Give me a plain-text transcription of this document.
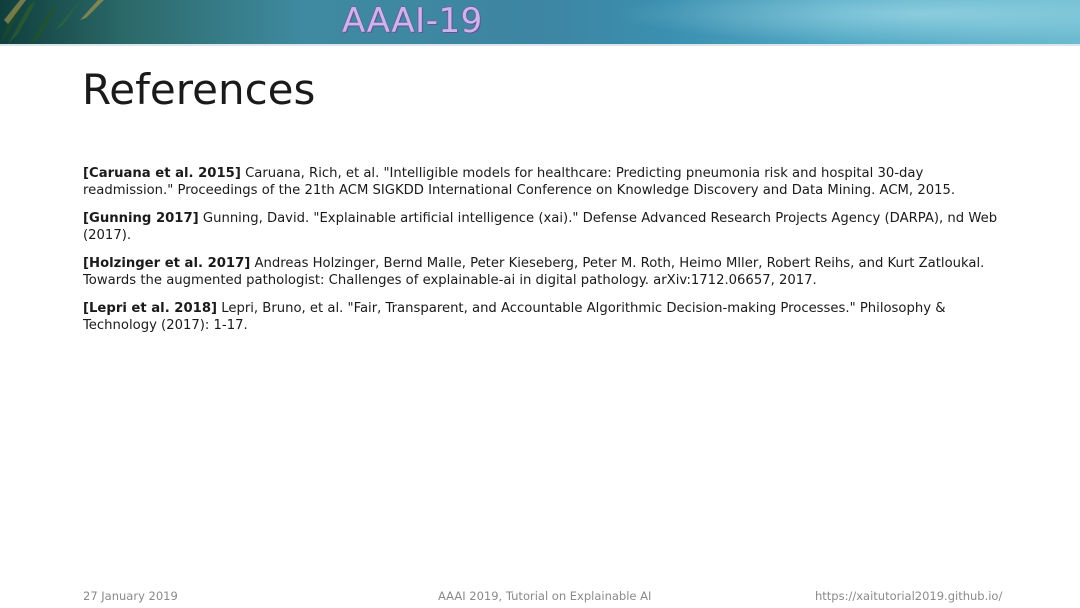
AAAI-19
References

[Caruana et al. 2015] Caruana, Rich, et al. "Intelligible models for healthcare: Predicting pneumonia risk and hospital 30-day readmission." Proceedings of the 21th ACM SIGKDD International Conference on Knowledge Discovery and Data Mining. ACM, 2015.

[Gunning 2017] Gunning, David. "Explainable artificial intelligence (xai)." Defense Advanced Research Projects Agency (DARPA), nd Web (2017).

[Holzinger et al. 2017] Andreas Holzinger, Bernd Malle, Peter Kieseberg, Peter M. Roth, Heimo Mller, Robert Reihs, and Kurt Zatloukal. Towards the augmented pathologist: Challenges of explainable-ai in digital pathology. arXiv:1712.06657, 2017.

[Lepri et al. 2018] Lepri, Bruno, et al. "Fair, Transparent, and Accountable Algorithmic Decision-making Processes." Philosophy & Technology (2017): 1-17.

27 January 2019	AAAI 2019, Tutorial on Explainable AI	https://xaitutorial2019.github.io/
